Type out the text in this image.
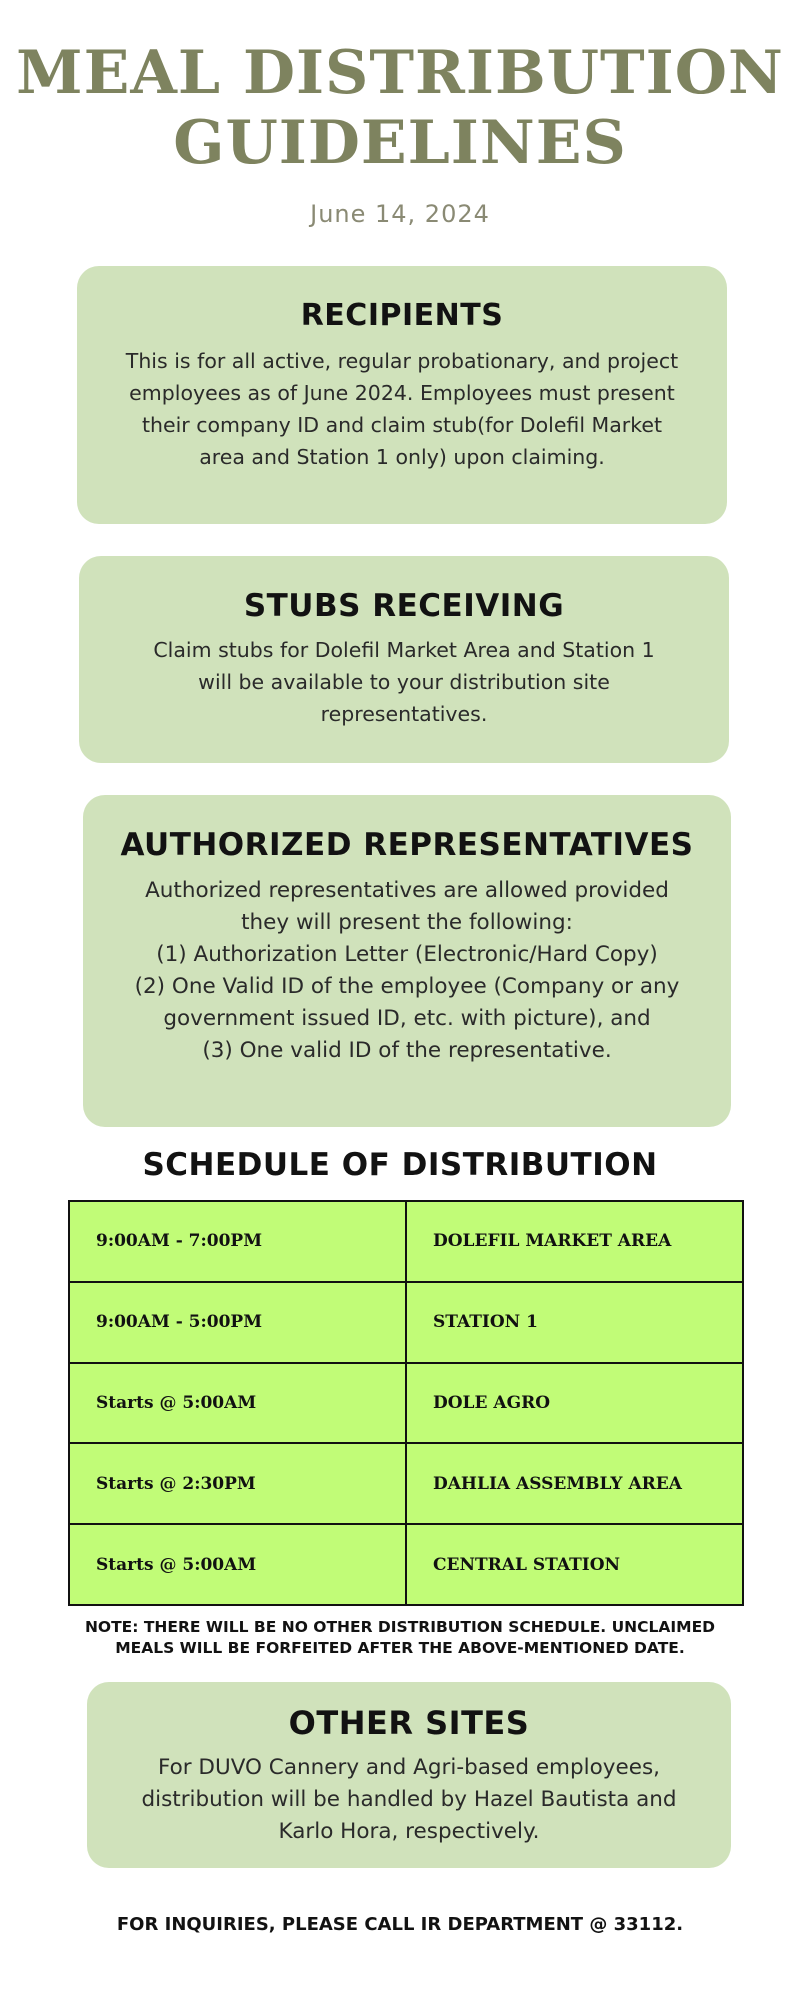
MEAL DISTRIBUTION
GUIDELINES
June 14, 2024
RECIPIENTS
This is for all active, regular probationary, and project
employees as of June 2024. Employees must present
their company ID and claim stub(for Dolefil Market
area and Station 1 only) upon claiming.
STUBS RECEIVING
Claim stubs for Dolefil Market Area and Station 1
will be available to your distribution site
representatives.
AUTHORIZED REPRESENTATIVES
Authorized representatives are allowed provided
they will present the following:
(1) Authorization Letter (Electronic/Hard Copy)
(2) One Valid ID of the employee (Company or any
government issued ID, etc. with picture), and
(3) One valid ID of the representative.
SCHEDULE OF DISTRIBUTION
9:00AM - 7:00PM	DOLEFIL MARKET AREA
9:00AM - 5:00PM	STATION 1
Starts @ 5:00AM	DOLE AGRO
Starts @ 2:30PM	DAHLIA ASSEMBLY AREA
Starts @ 5:00AM	CENTRAL STATION
NOTE: THERE WILL BE NO OTHER DISTRIBUTION SCHEDULE. UNCLAIMED
MEALS WILL BE FORFEITED AFTER THE ABOVE-MENTIONED DATE.
OTHER SITES
For DUVO Cannery and Agri-based employees,
distribution will be handled by Hazel Bautista and
Karlo Hora, respectively.
FOR INQUIRIES, PLEASE CALL IR DEPARTMENT @ 33112.
